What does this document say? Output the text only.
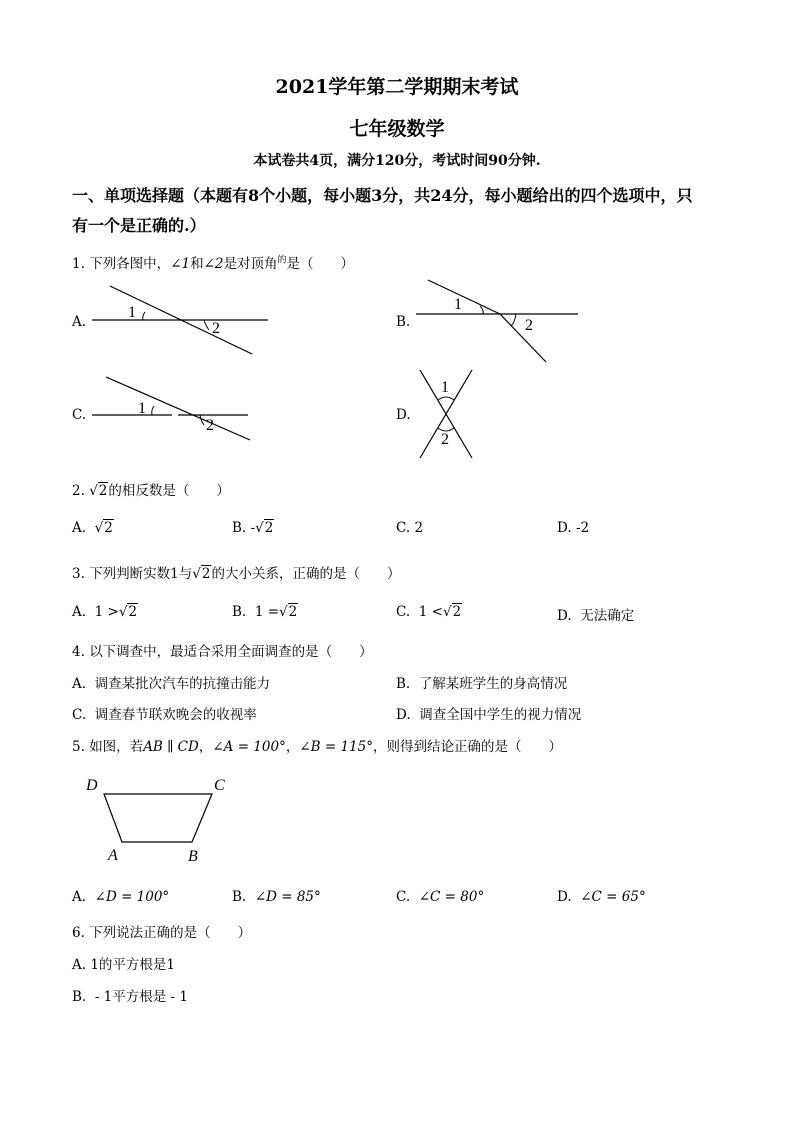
2021学年第二学期期末考试
七年级数学
本试卷共4页，满分120分，考试时间90分钟.
一、单项选择题（本题有8个小题，每小题3分，共24分，每小题给出的四个选项中，只
有一个是正确的.）
1. 下列各图中，∠1和∠2是对顶角$^的$是（　　）
A.
1
2	B.
1
2
C.	1
2
D.
1
2
2. √2的相反数是（　　）
A. √2	B. -√2	C. 2	D. -2
3. 下列判断实数1与√2的大小关系，正确的是（　　）
A. 1 >√2	B. 1 =√2	C. 1 <√2	D. 无法确定
4. 以下调查中，最适合采用全面调查的是（　　）
A. 调查某批次汽车的抗撞击能力	B. 了解某班学生的身高情况
C. 调查春节联欢晚会的收视率	D. 调查全国中学生的视力情况
5. 如图，若AB ∥ CD，∠A = 100°，∠B = 115°，则得到结论正确的是（　　）
D	C
A	B
A. ∠D = 100°	B. ∠D = 85°	C. ∠C = 80°	D. ∠C = 65°
6. 下列说法正确的是（　　）
A. 1的平方根是1
B. - 1平方根是 - 1
